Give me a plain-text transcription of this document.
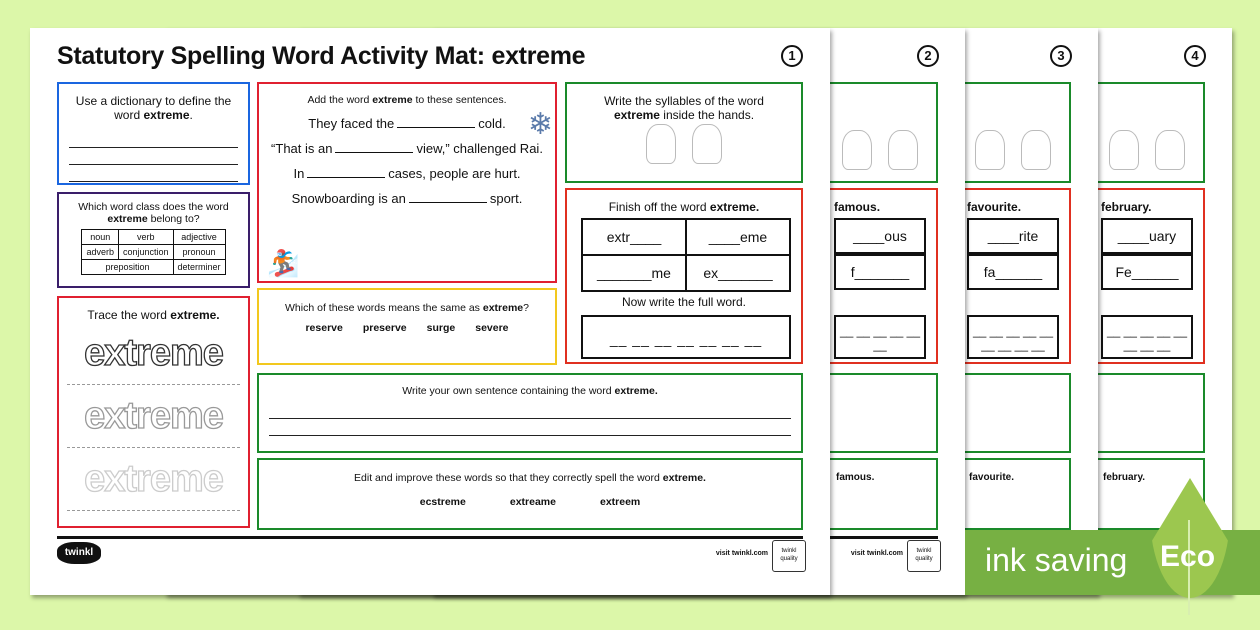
4
february.
____uary
Fe______
__ __ __ __ __ __ __ __
february.
3
favourite.
____rite
fa______
__ __ __ __ __ __ __ __ __
favourite.
2
famous.
____ous
f_______
__ __ __ __ __ __
famous.
visit twinkl.com	twinkl quality
Statutory Spelling Word Activity Mat: extreme	1
Use a dictionary to define the
word extreme.
Which word class does the word
extreme belong to?
noun	verb	adjective
adverb	conjunction	pronoun
preposition		determiner
Trace the word extreme.
extreme
extreme
extreme
Add the word extreme to these sentences.
❄
They faced the	cold.
“That is an	view,” challenged Rai.
In	cases, people are hurt.
Snowboarding is an	sport.
🏂
Which of these words means the same as extreme?
reserve preserve surge severe
Write the syllables of the word
extreme inside the hands.
Finish off the word extreme.
extr____	____eme
_______me	ex_______
Now write the full word.
__ __ __ __ __ __ __
Write your own sentence containing the word extreme.
Edit and improve these words so that they correctly spell the word extreme.
ecstreme	extreame	extreem
twinkl	visit twinkl.com	twinkl quality	ink saving Eco
